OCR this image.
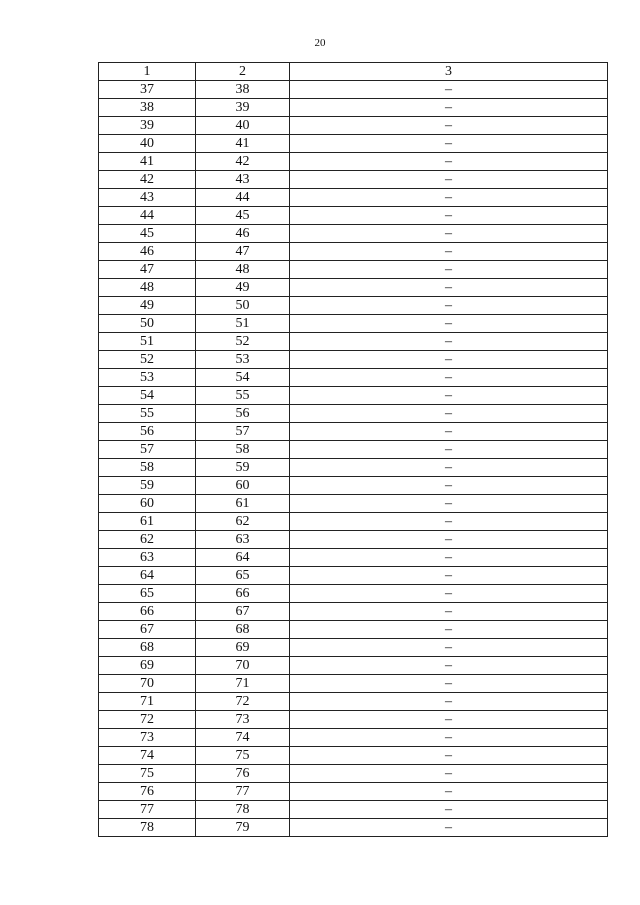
20
1	2	3
37	38	–
38	39	–
39	40	–
40	41	–
41	42	–
42	43	–
43	44	–
44	45	–
45	46	–
46	47	–
47	48	–
48	49	–
49	50	–
50	51	–
51	52	–
52	53	–
53	54	–
54	55	–
55	56	–
56	57	–
57	58	–
58	59	–
59	60	–
60	61	–
61	62	–
62	63	–
63	64	–
64	65	–
65	66	–
66	67	–
67	68	–
68	69	–
69	70	–
70	71	–
71	72	–
72	73	–
73	74	–
74	75	–
75	76	–
76	77	–
77	78	–
78	79	–
